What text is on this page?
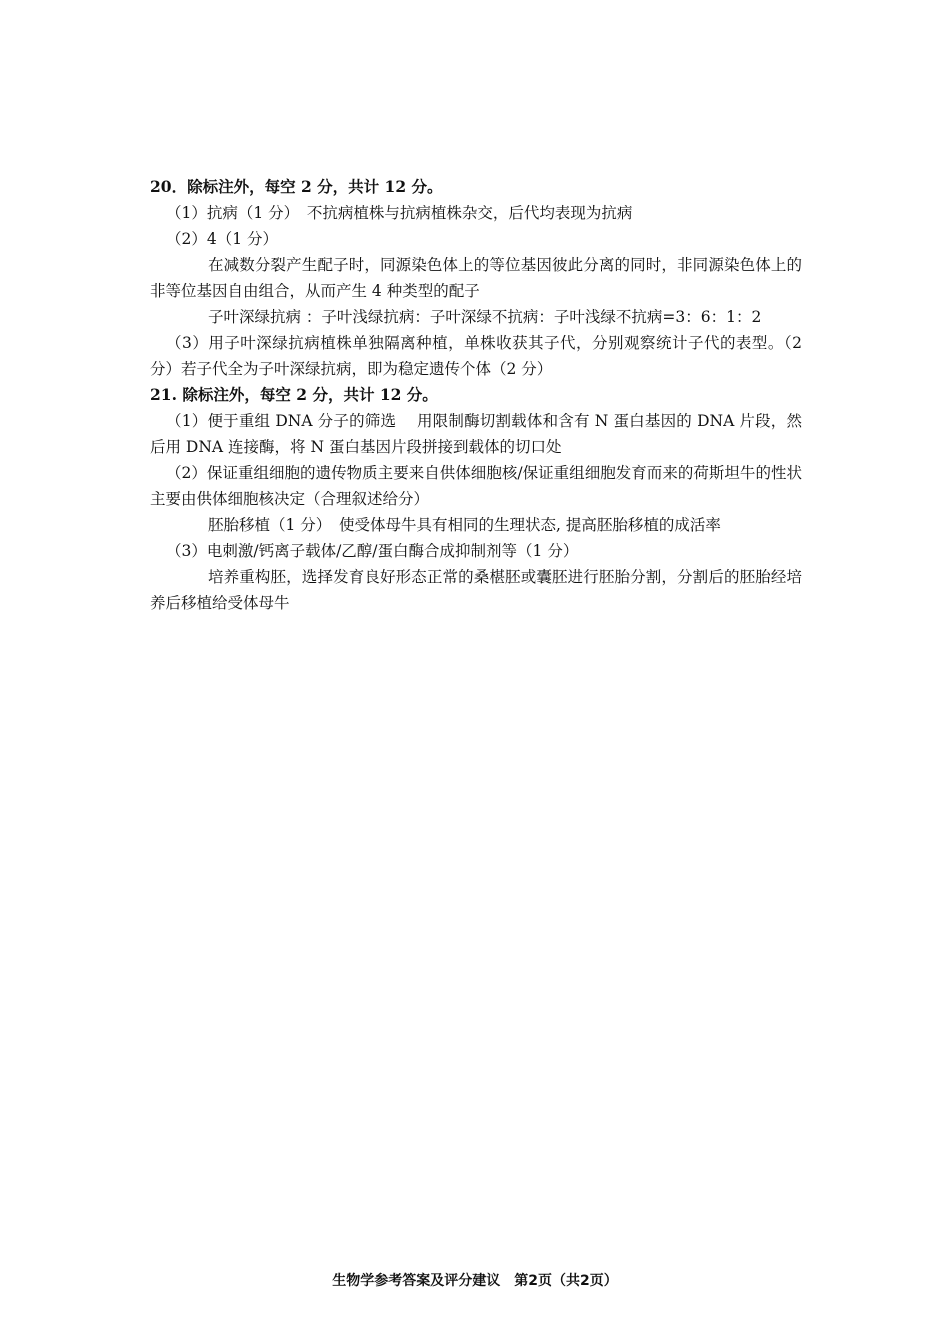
20．除标注外，每空 2 分，共计 12 分。
（1）抗病（1 分）　不抗病植株与抗病植株杂交，后代均表现为抗病
（2）4（1 分）
在减数分裂产生配子时，同源染色体上的等位基因彼此分离的同时，非同源染色体上的非等位基因自由组合，从而产生 4 种类型的配子
子叶深绿抗病 ：子叶浅绿抗病：子叶深绿不抗病：子叶浅绿不抗病=3：6：1：2
（3）用子叶深绿抗病植株单独隔离种植，单株收获其子代，分别观察统计子代的表型。（2 分）若子代全为子叶深绿抗病，即为稳定遗传个体（2 分）
21. 除标注外，每空 2 分，共计 12 分。
（1）便于重组 DNA 分子的筛选　 用限制酶切割载体和含有 N 蛋白基因的 DNA 片段，然后用 DNA 连接酶，将 N 蛋白基因片段拼接到载体的切口处
（2）保证重组细胞的遗传物质主要来自供体细胞核/保证重组细胞发育而来的荷斯坦牛的性状主要由供体细胞核决定（合理叙述给分）
胚胎移植（1 分）　使受体母牛具有相同的生理状态, 提高胚胎移植的成活率
（3）电刺激/钙离子载体/乙醇/蛋白酶合成抑制剂等（1 分）
培养重构胚，选择发育良好形态正常的桑椹胚或囊胚进行胚胎分割，分割后的胚胎经培养后移植给受体母牛
生物学参考答案及评分建议　第2页（共2页）
